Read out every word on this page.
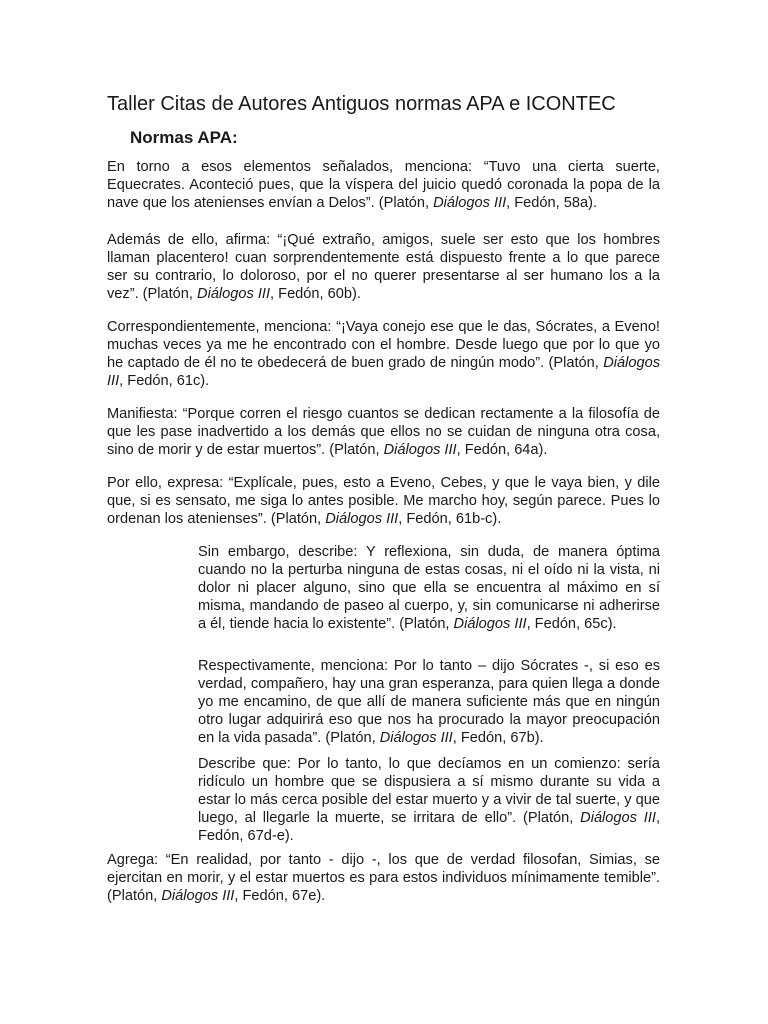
Taller Citas de Autores Antiguos normas APA e ICONTEC
Normas APA:

En torno a esos elementos señalados, menciona: “Tuvo una cierta suerte, Equecrates. Aconteció pues, que la víspera del juicio quedó coronada la popa de la nave que los atenienses envían a Delos”. (Platón, Diálogos III, Fedón, 58a).

Además de ello, afirma: “¡Qué extraño, amigos, suele ser esto que los hombres llaman placentero! cuan sorprendentemente está dispuesto frente a lo que parece ser su contrario, lo doloroso, por el no querer presentarse al ser humano los a la vez”. (Platón, Diálogos III, Fedón, 60b).

Correspondientemente, menciona: “¡Vaya conejo ese que le das, Sócrates, a Eveno! muchas veces ya me he encontrado con el hombre. Desde luego que por lo que yo he captado de él no te obedecerá de buen grado de ningún modo”. (Platón, Diálogos III, Fedón, 61c).

Manifiesta: “Porque corren el riesgo cuantos se dedican rectamente a la filosofía de que les pase inadvertido a los demás que ellos no se cuidan de ninguna otra cosa, sino de morir y de estar muertos”. (Platón, Diálogos III, Fedón, 64a).

Por ello, expresa: “Explícale, pues, esto a Eveno, Cebes, y que le vaya bien, y dile que, si es sensato, me siga lo antes posible. Me marcho hoy, según parece. Pues lo ordenan los atenienses”. (Platón, Diálogos III, Fedón, 61b-c).

Sin embargo, describe: Y reflexiona, sin duda, de manera óptima cuando no la perturba ninguna de estas cosas, ni el oído ni la vista, ni dolor ni placer alguno, sino que ella se encuentra al máximo en sí misma, mandando de paseo al cuerpo, y, sin comunicarse ni adherirse a él, tiende hacia lo existente”. (Platón, Diálogos III, Fedón, 65c).

Respectivamente, menciona: Por lo tanto – dijo Sócrates -, si eso es verdad, compañero, hay una gran esperanza, para quien llega a donde yo me encamino, de que allí de manera suficiente más que en ningún otro lugar adquirirá eso que nos ha procurado la mayor preocupación en la vida pasada”. (Platón, Diálogos III, Fedón, 67b).

Describe que: Por lo tanto, lo que decíamos en un comienzo: sería ridículo un hombre que se dispusiera a sí mismo durante su vida a estar lo más cerca posible del estar muerto y a vivir de tal suerte, y que luego, al llegarle la muerte, se irritara de ello”. (Platón, Diálogos III, Fedón, 67d-e).

Agrega: “En realidad, por tanto - dijo -, los que de verdad filosofan, Simias, se ejercitan en morir, y el estar muertos es para estos individuos mínimamente temible”. (Platón, Diálogos III, Fedón, 67e).
